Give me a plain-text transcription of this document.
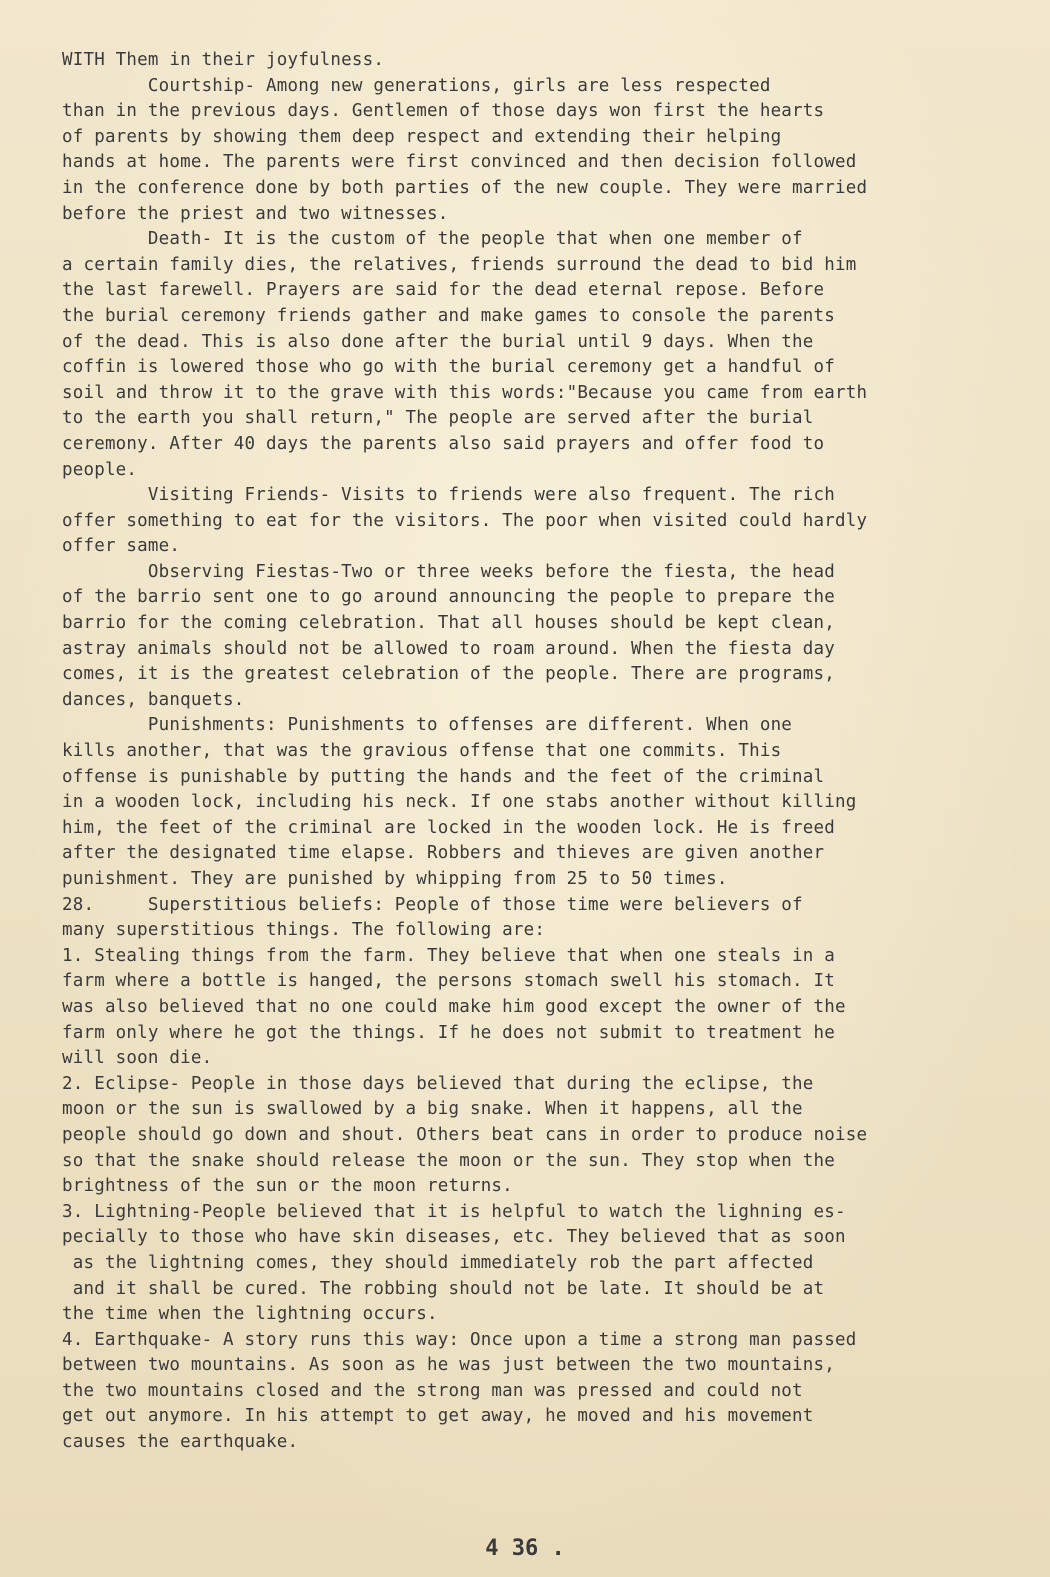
WITH Them in their joyfulness.
Courtship- Among new generations, girls are less respected
than in the previous days. Gentlemen of those days won first the hearts
of parents by showing them deep respect and extending their helping
hands at home. The parents were first convinced and then decision followed
in the conference done by both parties of the new couple. They were married
before the priest and two witnesses.
Death- It is the custom of the people that when one member of
a certain family dies, the relatives, friends surround the dead to bid him
the last farewell. Prayers are said for the dead eternal repose. Before
the burial ceremony friends gather and make games to console the parents
of the dead. This is also done after the burial until 9 days. When the
coffin is lowered those who go with the burial ceremony get a handful of
soil and throw it to the grave with this words:"Because you came from earth
to the earth you shall return," The people are served after the burial
ceremony. After 40 days the parents also said prayers and offer food to
people.
Visiting Friends- Visits to friends were also frequent. The rich
offer something to eat for the visitors. The poor when visited could hardly
offer same.
Observing Fiestas-Two or three weeks before the fiesta, the head
of the barrio sent one to go around announcing the people to prepare the
barrio for the coming celebration. That all houses should be kept clean,
astray animals should not be allowed to roam around. When the fiesta day
comes, it is the greatest celebration of the people. There are programs,
dances, banquets.
Punishments: Punishments to offenses are different. When one
kills another, that was the gravious offense that one commits. This
offense is punishable by putting the hands and the feet of the criminal
in a wooden lock, including his neck. If one stabs another without killing
him, the feet of the criminal are locked in the wooden lock. He is freed
after the designated time elapse. Robbers and thieves are given another
punishment. They are punished by whipping from 25 to 50 times.
28.     Superstitious beliefs: People of those time were believers of
many superstitious things. The following are:
1. Stealing things from the farm. They believe that when one steals in a
farm where a bottle is hanged, the persons stomach swell his stomach. It
was also believed that no one could make him good except the owner of the
farm only where he got the things. If he does not submit to treatment he
will soon die.
2. Eclipse- People in those days believed that during the eclipse, the
moon or the sun is swallowed by a big snake. When it happens, all the
people should go down and shout. Others beat cans in order to produce noise
so that the snake should release the moon or the sun. They stop when the
brightness of the sun or the moon returns.
3. Lightning-People believed that it is helpful to watch the lighning es-
pecially to those who have skin diseases, etc. They believed that as soon
as the lightning comes, they should immediately rob the part affected
and it shall be cured. The robbing should not be late. It should be at
the time when the lightning occurs.
4. Earthquake- A story runs this way: Once upon a time a strong man passed
between two mountains. As soon as he was just between the two mountains,
the two mountains closed and the strong man was pressed and could not
get out anymore. In his attempt to get away, he moved and his movement
causes the earthquake.
4 36 .
